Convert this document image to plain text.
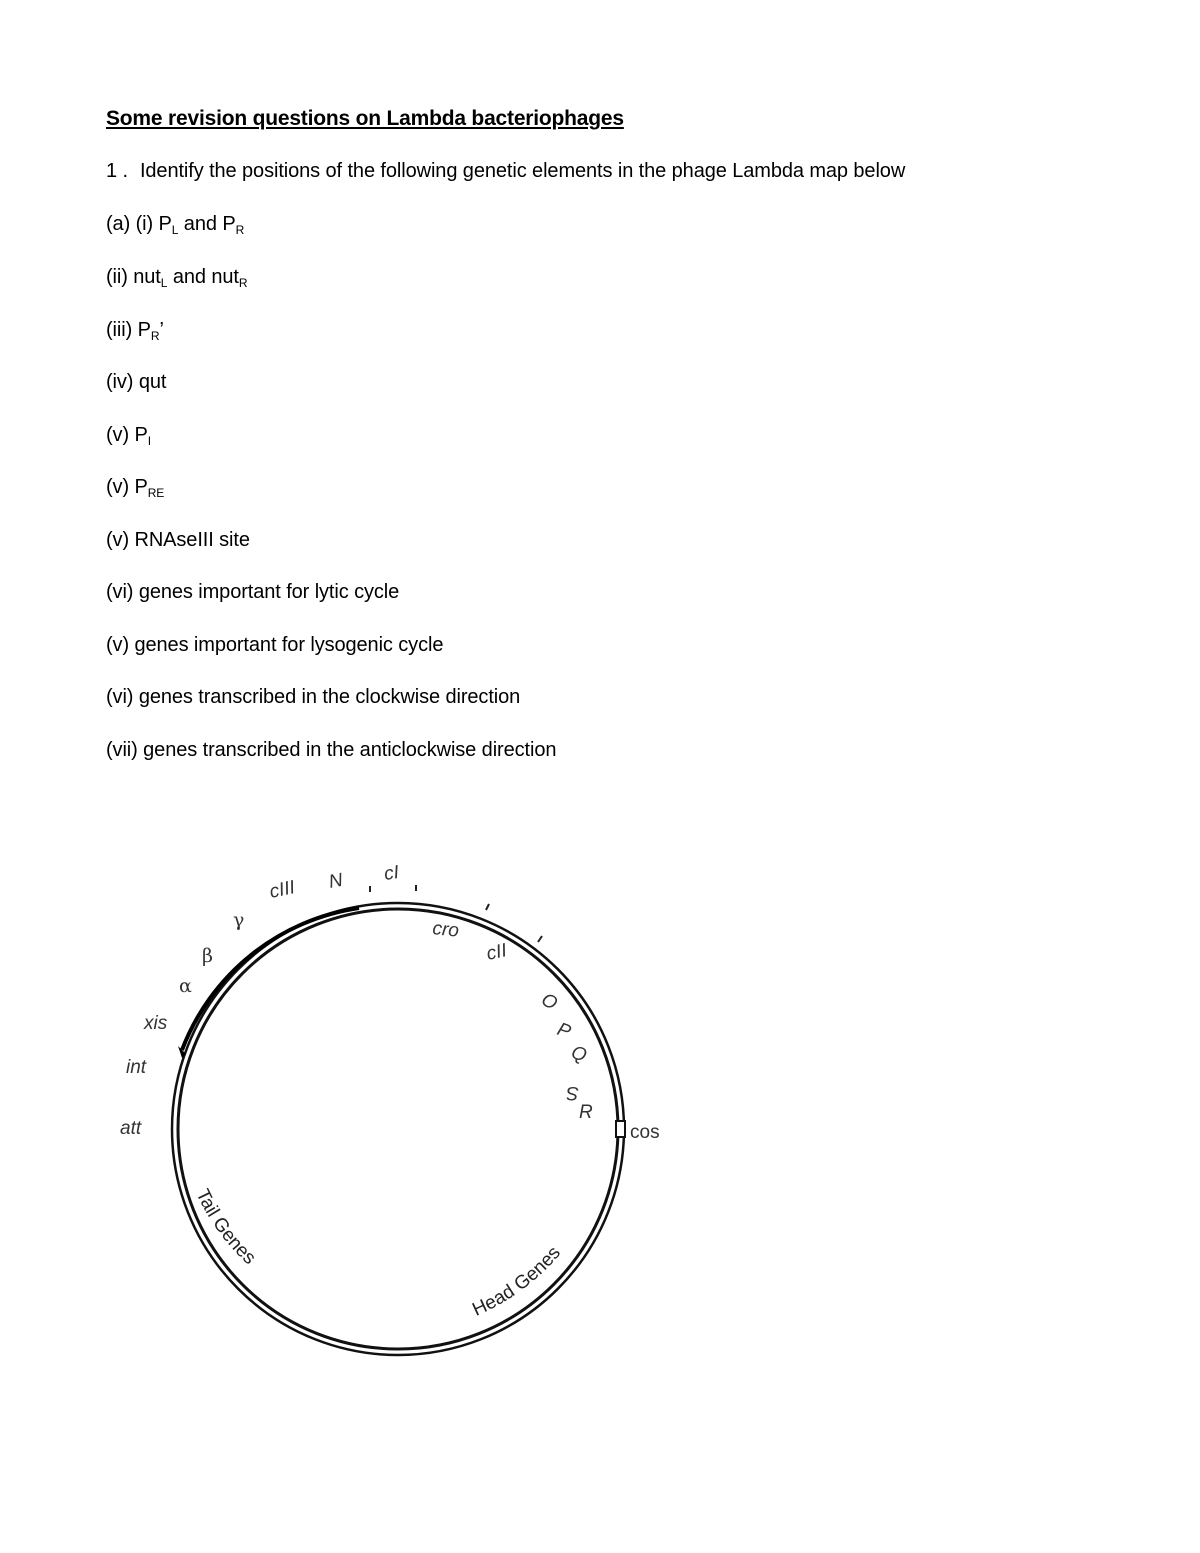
Some revision questions on Lambda bacteriophages
1 . Identify the positions of the following genetic elements in the phage Lambda map below
(a) (i) $P_L$ and $P_R$
(ii) nut$_L$ and nut$_R$
(iii) $P_R$’
(iv) qut
(v) $P_I$
(v) $P_{RE}$
(v) RNAseIII site
(vi) genes important for lytic cycle
(v) genes important for lysogenic cycle
(vi) genes transcribed in the clockwise direction
(vii) genes transcribed in the anticlockwise direction
N cI
cIII
γ
β
α
xis
int
att
cro
cII
O
P
Q
S
R
cos
Tail Genes
Head Genes
